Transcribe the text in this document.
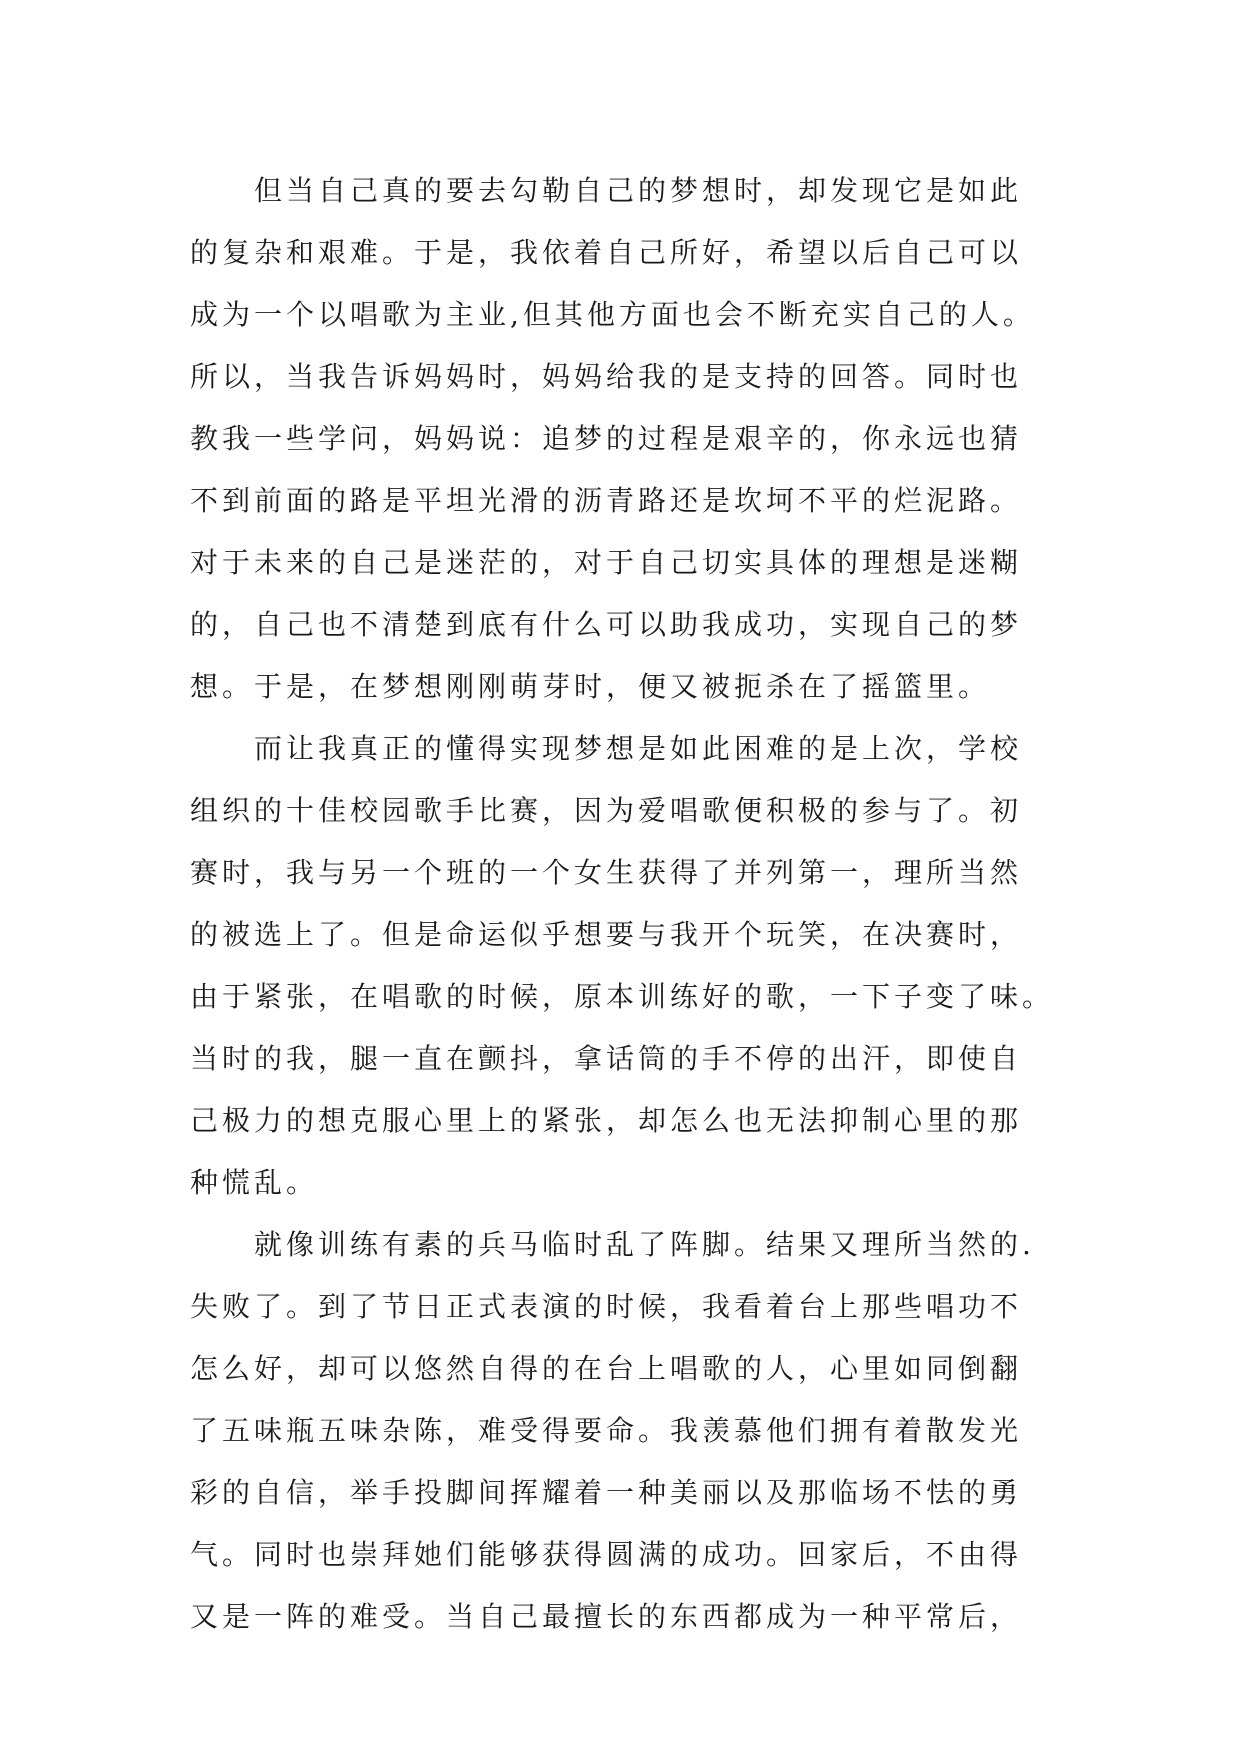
但当自己真的要去勾勒自己的梦想时，却发现它是如此
的复杂和艰难。于是，我依着自己所好，希望以后自己可以
成为一个以唱歌为主业,但其他方面也会不断充实自己的人。
所以，当我告诉妈妈时，妈妈给我的是支持的回答。同时也
教我一些学问，妈妈说：追梦的过程是艰辛的，你永远也猜
不到前面的路是平坦光滑的沥青路还是坎坷不平的烂泥路。
对于未来的自己是迷茫的，对于自己切实具体的理想是迷糊
的，自己也不清楚到底有什么可以助我成功，实现自己的梦
想。于是，在梦想刚刚萌芽时，便又被扼杀在了摇篮里。
而让我真正的懂得实现梦想是如此困难的是上次，学校
组织的十佳校园歌手比赛，因为爱唱歌便积极的参与了。初
赛时，我与另一个班的一个女生获得了并列第一，理所当然
的被选上了。但是命运似乎想要与我开个玩笑，在决赛时，
由于紧张，在唱歌的时候，原本训练好的歌，一下子变了味。
当时的我，腿一直在颤抖，拿话筒的手不停的出汗，即使自
己极力的想克服心里上的紧张，却怎么也无法抑制心里的那
种慌乱。
就像训练有素的兵马临时乱了阵脚。结果又理所当然的.
失败了。到了节日正式表演的时候，我看着台上那些唱功不
怎么好，却可以悠然自得的在台上唱歌的人，心里如同倒翻
了五味瓶五味杂陈，难受得要命。我羡慕他们拥有着散发光
彩的自信，举手投脚间挥耀着一种美丽以及那临场不怯的勇
气。同时也崇拜她们能够获得圆满的成功。回家后，不由得
又是一阵的难受。当自己最擅长的东西都成为一种平常后，
